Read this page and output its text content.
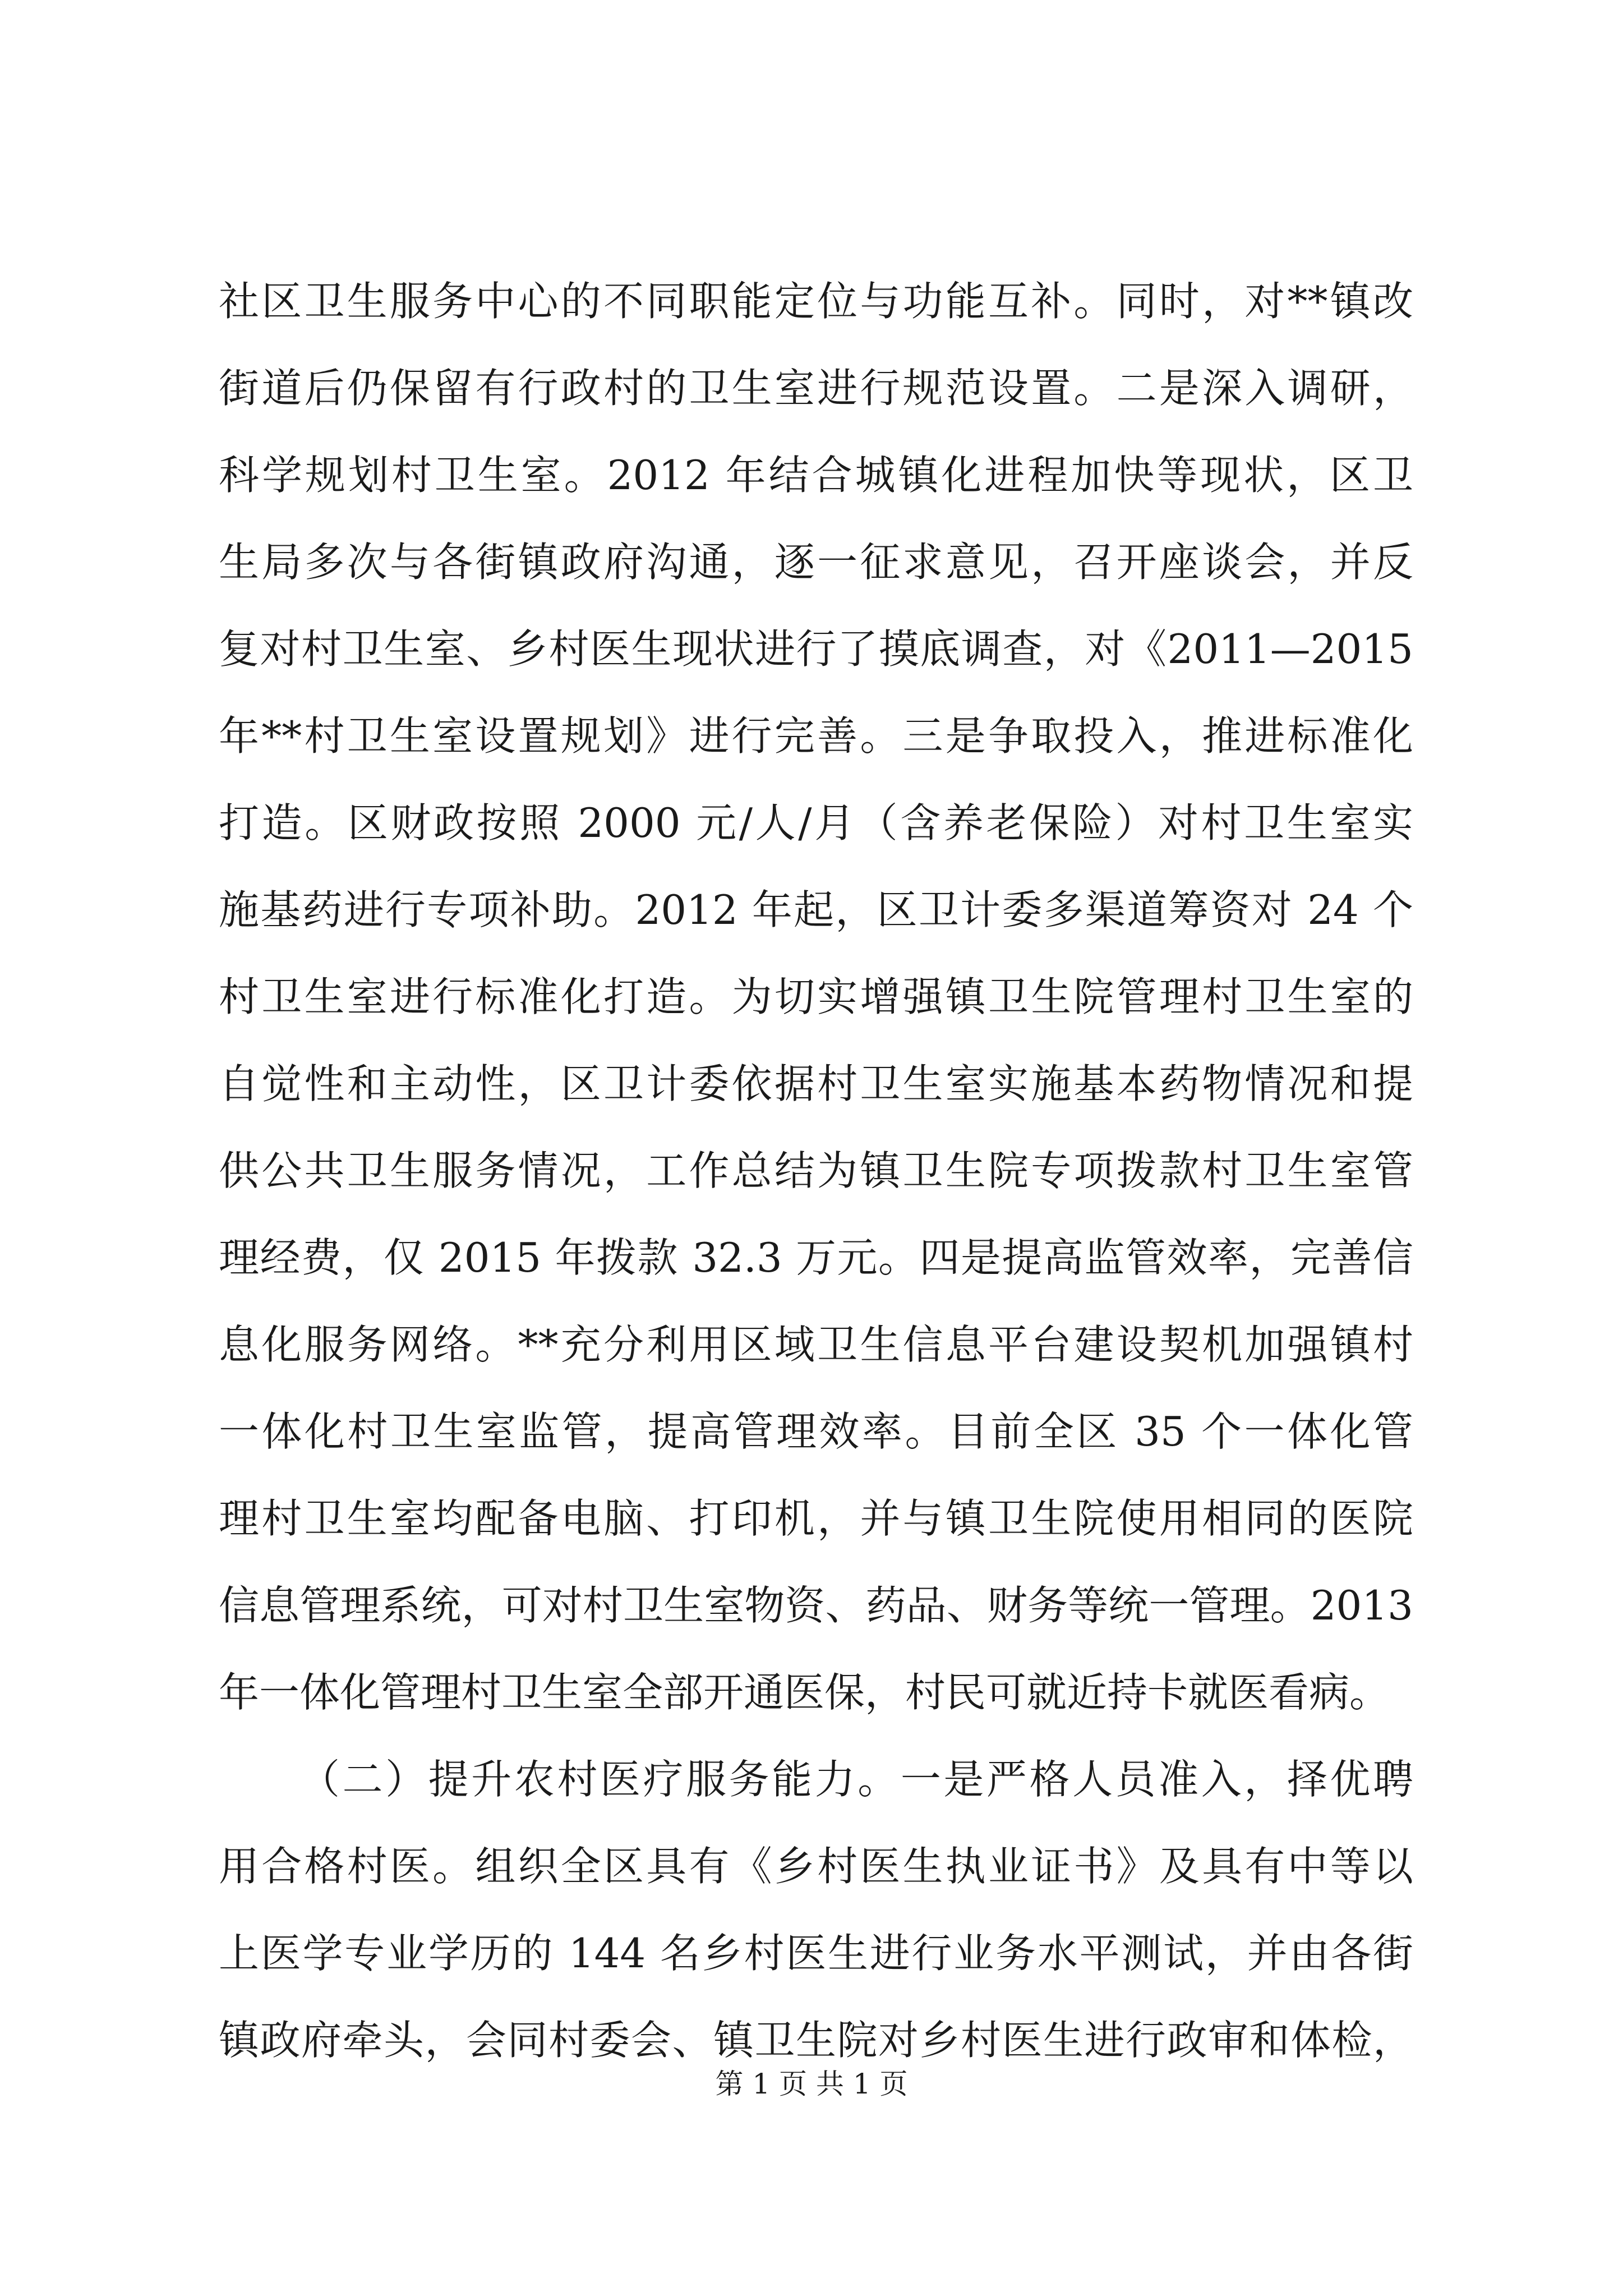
社区卫生服务中心的不同职能定位与功能互补。同时，对**镇改
街道后仍保留有行政村的卫生室进行规范设置。二是深入调研，
科学规划村卫生室。2012 年结合城镇化进程加快等现状，区卫
生局多次与各街镇政府沟通，逐一征求意见，召开座谈会，并反
复对村卫生室、乡村医生现状进行了摸底调查，对《2011—2015
年**村卫生室设置规划》进行完善。三是争取投入，推进标准化
打造。区财政按照 2000 元/人/月（含养老保险）对村卫生室实
施基药进行专项补助。2012 年起，区卫计委多渠道筹资对 24 个
村卫生室进行标准化打造。为切实增强镇卫生院管理村卫生室的
自觉性和主动性，区卫计委依据村卫生室实施基本药物情况和提
供公共卫生服务情况，工作总结为镇卫生院专项拨款村卫生室管
理经费，仅 2015 年拨款 32.3 万元。四是提高监管效率，完善信
息化服务网络。**充分利用区域卫生信息平台建设契机加强镇村
一体化村卫生室监管，提高管理效率。目前全区 35 个一体化管
理村卫生室均配备电脑、打印机，并与镇卫生院使用相同的医院
信息管理系统，可对村卫生室物资、药品、财务等统一管理。2013
年一体化管理村卫生室全部开通医保，村民可就近持卡就医看病。
（二）提升农村医疗服务能力。一是严格人员准入，择优聘
用合格村医。组织全区具有《乡村医生执业证书》及具有中等以
上医学专业学历的 144 名乡村医生进行业务水平测试，并由各街
镇政府牵头，会同村委会、镇卫生院对乡村医生进行政审和体检，
第 1 页 共 1 页
